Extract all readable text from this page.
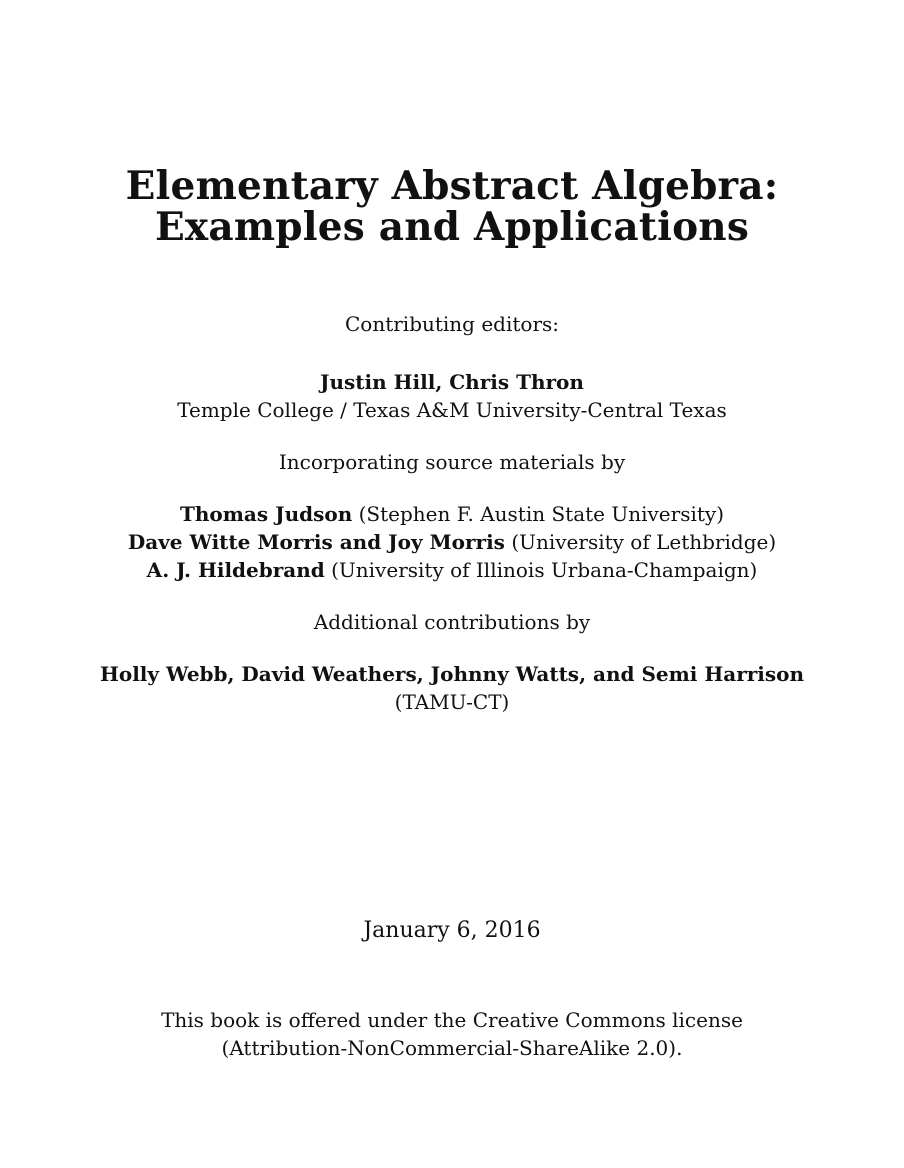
Elementary Abstract Algebra:
Examples and Applications
Contributing editors:
Justin Hill, Chris Thron
Temple College / Texas A&M University-Central Texas
Incorporating source materials by
Thomas Judson (Stephen F. Austin State University)
Dave Witte Morris and Joy Morris (University of Lethbridge)
A. J. Hildebrand (University of Illinois Urbana-Champaign)
Additional contributions by
Holly Webb, David Weathers, Johnny Watts, and Semi Harrison
(TAMU-CT)
January 6, 2016
This book is offered under the Creative Commons license
(Attribution-NonCommercial-ShareAlike 2.0).
